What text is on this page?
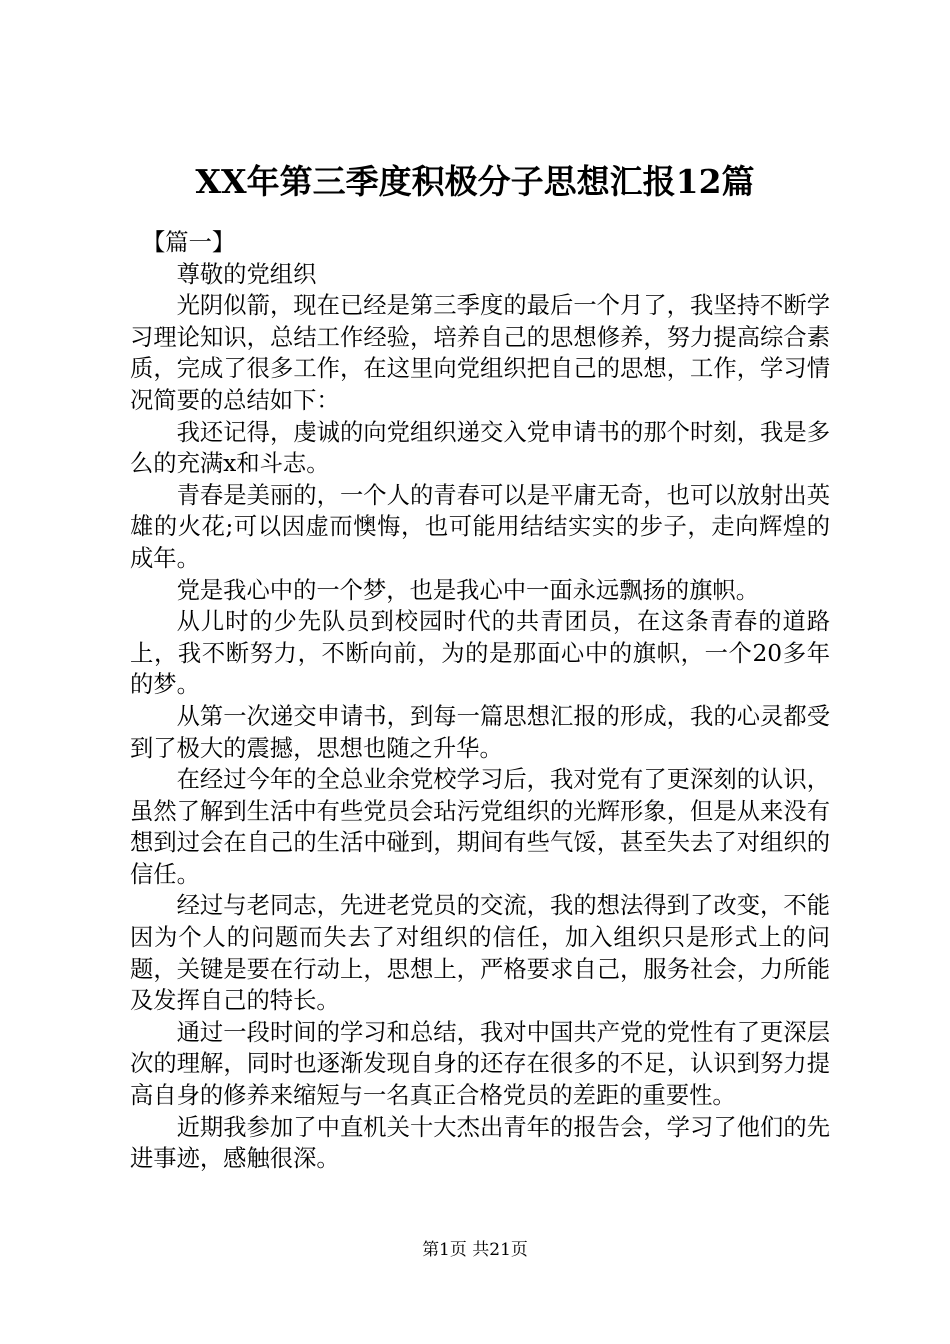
XX年第三季度积极分子思想汇报12篇

【篇一】

尊敬的党组织

光阴似箭，现在已经是第三季度的最后一个月了，我坚持不断学习理论知识，总结工作经验，培养自己的思想修养，努力提高综合素质，完成了很多工作，在这里向党组织把自己的思想，工作，学习情况简要的总结如下：

我还记得，虔诚的向党组织递交入党申请书的那个时刻，我是多么的充满x和斗志。

青春是美丽的，一个人的青春可以是平庸无奇，也可以放射出英雄的火花;可以因虚而懊悔，也可能用结结实实的步子，走向辉煌的成年。

党是我心中的一个梦，也是我心中一面永远飘扬的旗帜。

从儿时的少先队员到校园时代的共青团员，在这条青春的道路上，我不断努力，不断向前，为的是那面心中的旗帜，一个20多年的梦。

从第一次递交申请书，到每一篇思想汇报的形成，我的心灵都受到了极大的震撼，思想也随之升华。

在经过今年的全总业余党校学习后，我对党有了更深刻的认识，虽然了解到生活中有些党员会玷污党组织的光辉形象，但是从来没有想到过会在自己的生活中碰到，期间有些气馁，甚至失去了对组织的信任。

经过与老同志，先进老党员的交流，我的想法得到了改变，不能因为个人的问题而失去了对组织的信任，加入组织只是形式上的问题，关键是要在行动上，思想上，严格要求自己，服务社会，力所能及发挥自己的特长。

通过一段时间的学习和总结，我对中国共产党的党性有了更深层次的理解，同时也逐渐发现自身的还存在很多的不足，认识到努力提高自身的修养来缩短与一名真正合格党员的差距的重要性。

近期我参加了中直机关十大杰出青年的报告会，学习了他们的先进事迹，感触很深。

第1页 共21页
